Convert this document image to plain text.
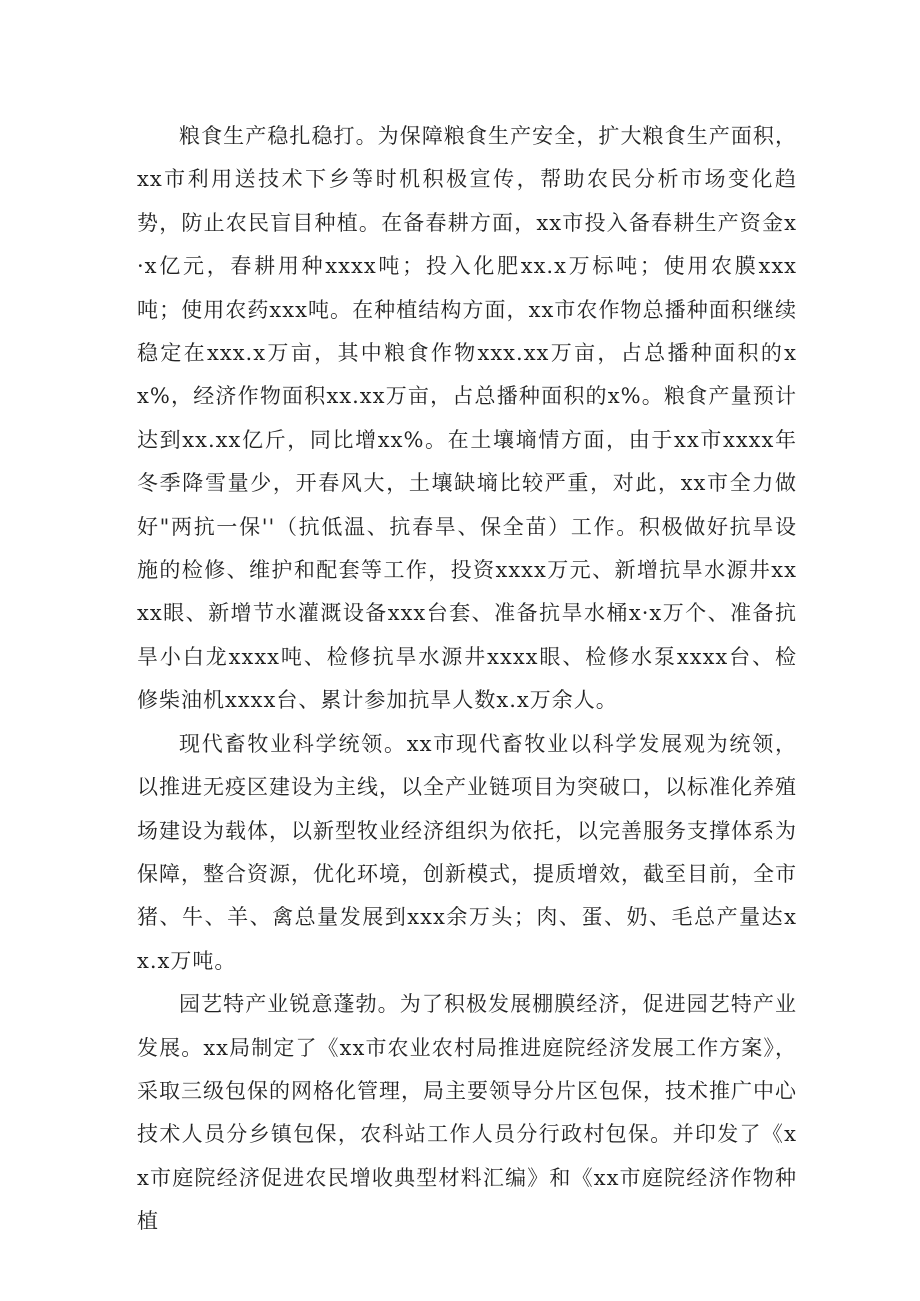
粮食生产稳扎稳打。为保障粮食生产安全，扩大粮食生产面积，xx市利用送技术下乡等时机积极宣传，帮助农民分析市场变化趋势，防止农民盲目种植。在备春耕方面，xx市投入备春耕生产资金x·x亿元，春耕用种xxxx吨；投入化肥xx.x万标吨；使用农膜xxx吨；使用农药xxx吨。在种植结构方面，xx市农作物总播种面积继续稳定在xxx.x万亩，其中粮食作物xxx.xx万亩，占总播种面积的xx%，经济作物面积xx.xx万亩，占总播种面积的x%。粮食产量预计达到xx.xx亿斤，同比增xx%。在土壤墒情方面，由于xx市xxxx年冬季降雪量少，开春风大，土壤缺墒比较严重，对此，xx市全力做好"两抗一保''（抗低温、抗春旱、保全苗）工作。积极做好抗旱设施的检修、维护和配套等工作，投资xxxx万元、新增抗旱水源井xxxx眼、新增节水灌溉设备xxx台套、准备抗旱水桶x·x万个、准备抗旱小白龙xxxx吨、检修抗旱水源井xxxx眼、检修水泵xxxx台、检修柴油机xxxx台、累计参加抗旱人数x.x万余人。

现代畜牧业科学统领。xx市现代畜牧业以科学发展观为统领，以推进无疫区建设为主线，以全产业链项目为突破口，以标准化养殖场建设为载体，以新型牧业经济组织为依托，以完善服务支撑体系为保障，整合资源，优化环境，创新模式，提质增效，截至目前，全市猪、牛、羊、禽总量发展到xxx余万头；肉、蛋、奶、毛总产量达xx.x万吨。

园艺特产业锐意蓬勃。为了积极发展棚膜经济，促进园艺特产业发展。xx局制定了《xx市农业农村局推进庭院经济发展工作方案》，采取三级包保的网格化管理，局主要领导分片区包保，技术推广中心技术人员分乡镇包保，农科站工作人员分行政村包保。并印发了《xx市庭院经济促进农民增收典型材料汇编》和《xx市庭院经济作物种植
